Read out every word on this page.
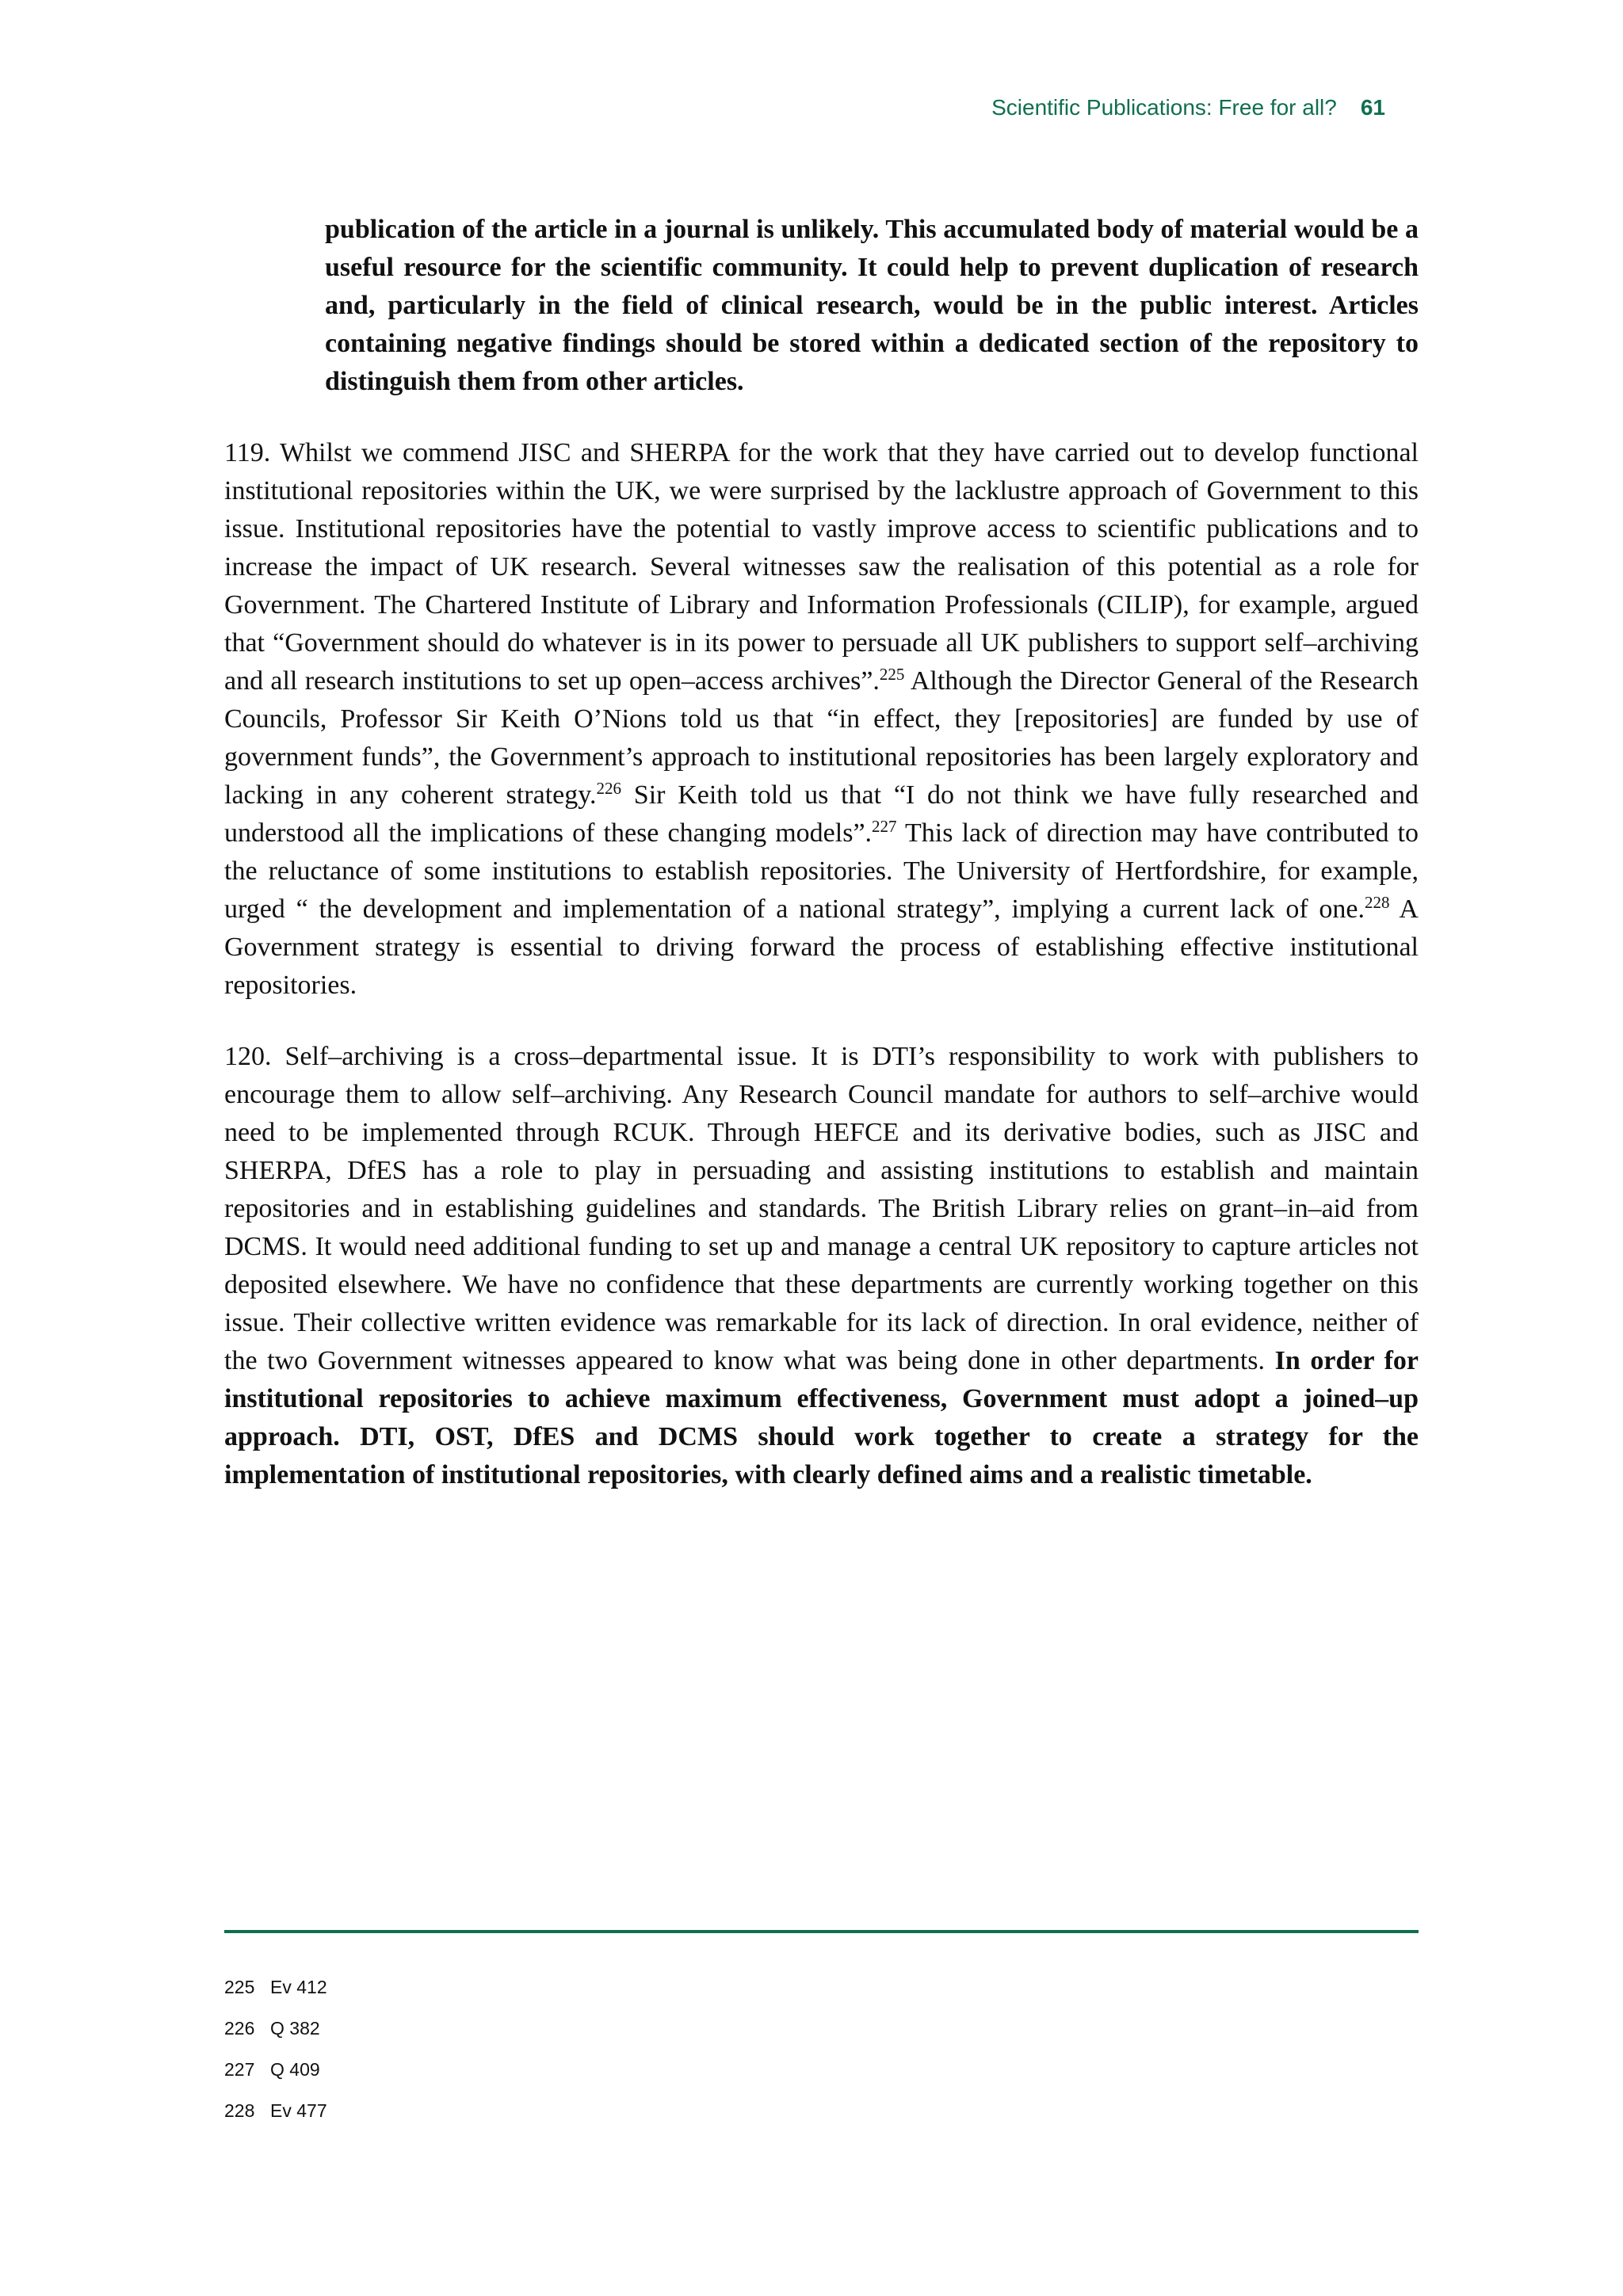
Scientific Publications: Free for all? 61
publication of the article in a journal is unlikely. This accumulated body of material would be a useful resource for the scientific community. It could help to prevent duplication of research and, particularly in the field of clinical research, would be in the public interest. Articles containing negative findings should be stored within a dedicated section of the repository to distinguish them from other articles.
119. Whilst we commend JISC and SHERPA for the work that they have carried out to develop functional institutional repositories within the UK, we were surprised by the lacklustre approach of Government to this issue. Institutional repositories have the potential to vastly improve access to scientific publications and to increase the impact of UK research. Several witnesses saw the realisation of this potential as a role for Government. The Chartered Institute of Library and Information Professionals (CILIP), for example, argued that “Government should do whatever is in its power to persuade all UK publishers to support self–archiving and all research institutions to set up open–access archives”.$^{225}$ Although the Director General of the Research Councils, Professor Sir Keith O’Nions told us that “in effect, they [repositories] are funded by use of government funds”, the Government’s approach to institutional repositories has been largely exploratory and lacking in any coherent strategy.$^{226}$ Sir Keith told us that “I do not think we have fully researched and understood all the implications of these changing models”.$^{227}$ This lack of direction may have contributed to the reluctance of some institutions to establish repositories. The University of Hertfordshire, for example, urged “ the development and implementation of a national strategy”, implying a current lack of one.$^{228}$ A Government strategy is essential to driving forward the process of establishing effective institutional repositories.
120. Self–archiving is a cross–departmental issue. It is DTI’s responsibility to work with publishers to encourage them to allow self–archiving. Any Research Council mandate for authors to self–archive would need to be implemented through RCUK. Through HEFCE and its derivative bodies, such as JISC and SHERPA, DfES has a role to play in persuading and assisting institutions to establish and maintain repositories and in establishing guidelines and standards. The British Library relies on grant–in–aid from DCMS. It would need additional funding to set up and manage a central UK repository to capture articles not deposited elsewhere. We have no confidence that these departments are currently working together on this issue. Their collective written evidence was remarkable for its lack of direction. In oral evidence, neither of the two Government witnesses appeared to know what was being done in other departments. In order for institutional repositories to achieve maximum effectiveness, Government must adopt a joined–up approach. DTI, OST, DfES and DCMS should work together to create a strategy for the implementation of institutional repositories, with clearly defined aims and a realistic timetable.
225 Ev 412
226 Q 382
227 Q 409
228 Ev 477
